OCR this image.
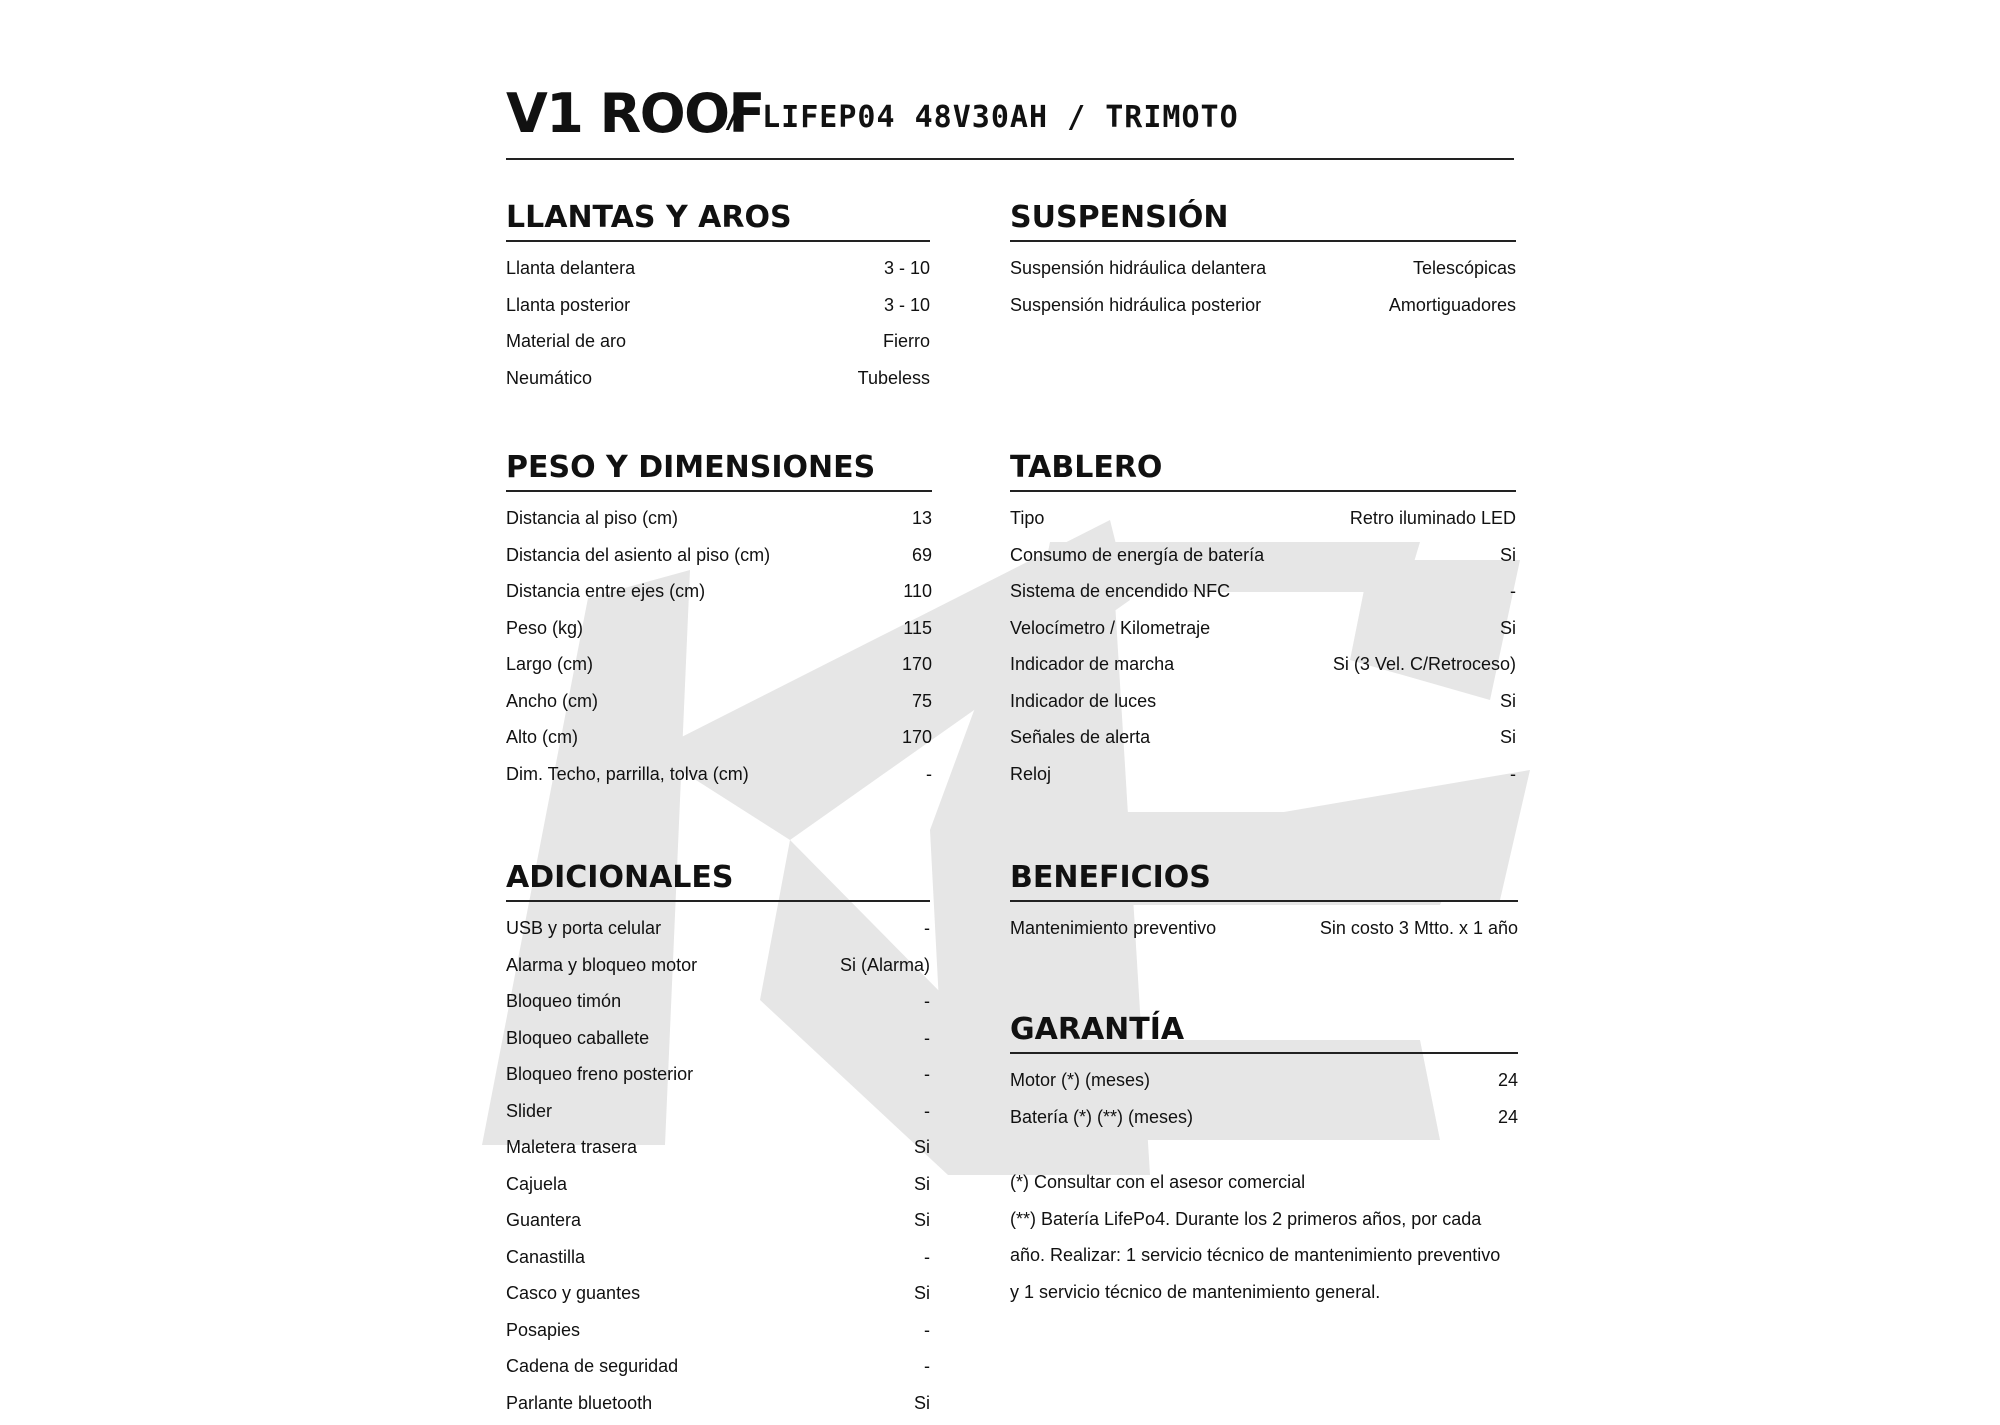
V1 ROOF
/ LIFEP04 48V30AH / TRIMOTO
LLANTAS Y AROS
Llanta delantera	3 - 10
Llanta posterior	3 - 10
Material de aro	Fierro
Neumático	Tubeless
SUSPENSIÓN
Suspensión hidráulica delantera	Telescópicas
Suspensión hidráulica posterior	Amortiguadores
PESO Y DIMENSIONES
Distancia al piso (cm)	13
Distancia del asiento al piso (cm)	69
Distancia entre ejes (cm)	110
Peso (kg)	115
Largo (cm)	170
Ancho (cm)	75
Alto (cm)	170
Dim. Techo, parrilla, tolva (cm)	-
TABLERO
Tipo	Retro iluminado LED
Consumo de energía de batería	Si
Sistema de encendido NFC	-
Velocímetro / Kilometraje	Si
Indicador de marcha	Si (3 Vel. C/Retroceso)
Indicador de luces	Si
Señales de alerta	Si
Reloj	-
ADICIONALES
USB y porta celular	-
Alarma y bloqueo motor	Si (Alarma)
Bloqueo timón	-
Bloqueo caballete	-
Bloqueo freno posterior	-
Slider	-
Maletera trasera	Si
Cajuela	Si
Guantera	Si
Canastilla	-
Casco y guantes	Si
Posapies	-
Cadena de seguridad	-
Parlante bluetooth	Si
BENEFICIOS
Mantenimiento preventivo	Sin costo 3 Mtto. x 1 año
GARANTÍA
Motor (*) (meses)	24
Batería (*) (**) (meses)	24

(*) Consultar con el asesor comercial

(**) Batería LifePo4. Durante los 2 primeros años, por cada

año. Realizar: 1 servicio técnico de mantenimiento preventivo

y 1 servicio técnico de mantenimiento general.
